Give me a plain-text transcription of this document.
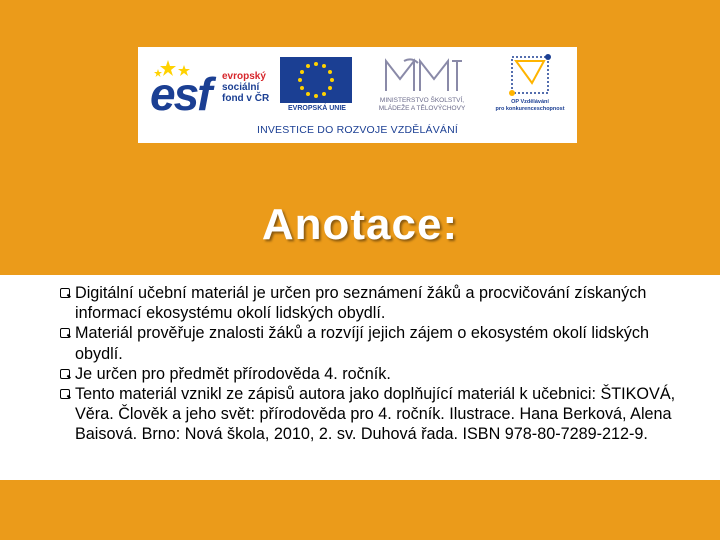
esf evropský
sociální
fond v ČR
EVROPSKÁ UNIE
MINISTERSTVO ŠKOLSTVÍ,
MLÁDEŽE A TĚLOVÝCHOVY
OP Vzdělávání
pro konkurenceschopnost
INVESTICE DO ROZVOJE VZDĚLÁVÁNÍ
Anotace:
Digitální učební materiál je určen pro seznámení žáků a procvičování získaných informací ekosystému okolí lidských obydlí.
Materiál prověřuje znalosti žáků a rozvíjí jejich zájem o ekosystém okolí lidských obydlí.
Je určen pro předmět přírodověda 4. ročník.
Tento materiál vznikl ze zápisů autora jako doplňující materiál k učebnici: ŠTIKOVÁ, Věra. Člověk a jeho svět: přírodověda pro 4. ročník. Ilustrace. Hana Berková, Alena Baisová. Brno: Nová škola, 2010, 2. sv. Duhová řada. ISBN 978-80-7289-212-9.
